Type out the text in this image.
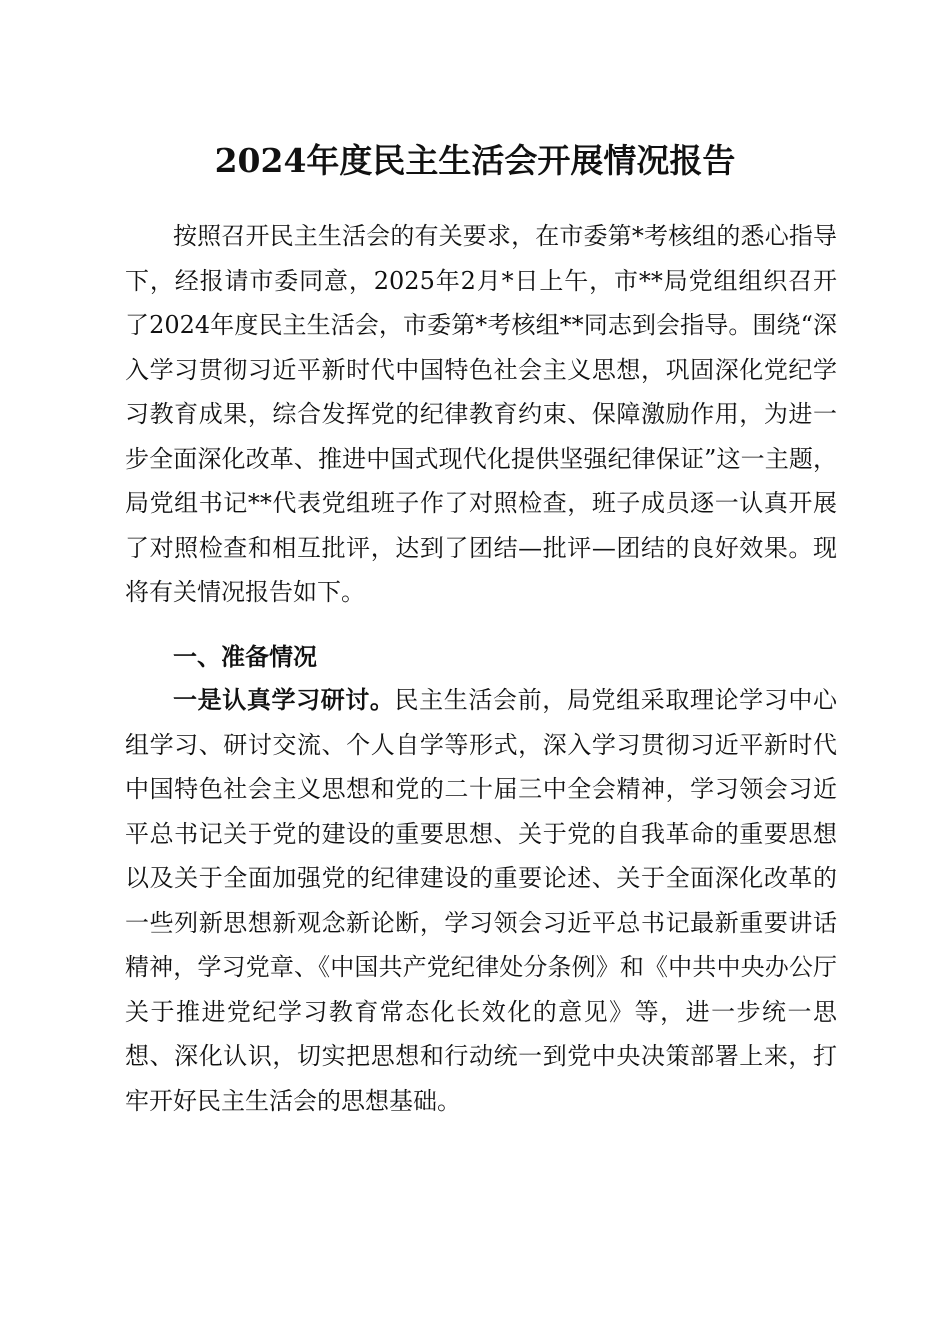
2024年度民主生活会开展情况报告
按照召开民主生活会的有关要求，在市委第*考核组的悉心指导下，经报请市委同意，2025年2月*日上午，市**局党组组织召开了2024年度民主生活会，市委第*考核组**同志到会指导。围绕“深入学习贯彻习近平新时代中国特色社会主义思想，巩固深化党纪学习教育成果，综合发挥党的纪律教育约束、保障激励作用，为进一步全面深化改革、推进中国式现代化提供坚强纪律保证”这一主题，局党组书记**代表党组班子作了对照检查，班子成员逐一认真开展了对照检查和相互批评，达到了团结—批评—团结的良好效果。现将有关情况报告如下。
一、准备情况
一是认真学习研讨。民主生活会前，局党组采取理论学习中心组学习、研讨交流、个人自学等形式，深入学习贯彻习近平新时代中国特色社会主义思想和党的二十届三中全会精神，学习领会习近平总书记关于党的建设的重要思想、关于党的自我革命的重要思想以及关于全面加强党的纪律建设的重要论述、关于全面深化改革的一些列新思想新观念新论断，学习领会习近平总书记最新重要讲话精神，学习党章、《中国共产党纪律处分条例》和《中共中央办公厅关于推进党纪学习教育常态化长效化的意见》等，进一步统一思想、深化认识，切实把思想和行动统一到党中央决策部署上来，打牢开好民主生活会的思想基础。
